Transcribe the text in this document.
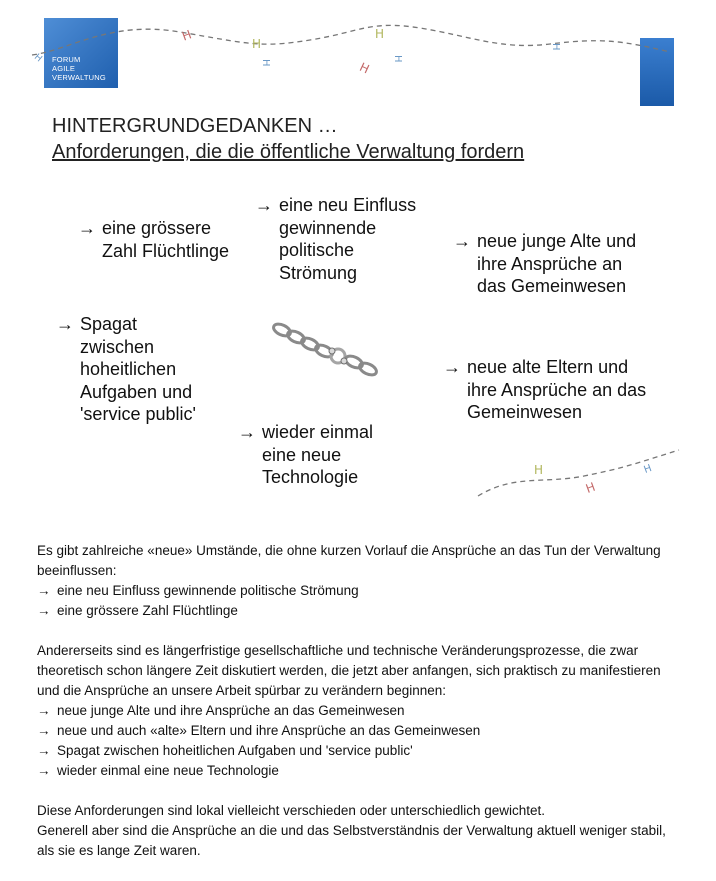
FORUM
AGILE
VERWALTUNG
H
H
H
H
H
H
H
H
HINTERGRUNDGEDANKEN …
Anforderungen, die die öffentliche Verwaltung fordern
→ eine grössere
Zahl Flüchtlinge
→ eine neu Einfluss
gewinnende
politische
Strömung
→ neue junge Alte und
ihre Ansprüche an
das Gemeinwesen
→ Spagat
zwischen
hoheitlichen
Aufgaben und
'service public'
→ neue alte Eltern und
ihre Ansprüche an das
Gemeinwesen
→ wieder einmal
eine neue
Technologie	H
H
H

Es gibt zahlreiche «neue» Umstände, die ohne kurzen Vorlauf die Ansprüche an das Tun der Verwaltung beeinflussen:

→ eine neu Einfluss gewinnende politische Strömung
→ eine grössere Zahl Flüchtlinge

Andererseits sind es längerfristige gesellschaftliche und technische Veränderungsprozesse, die zwar theoretisch schon längere Zeit diskutiert werden, die jetzt aber anfangen, sich praktisch zu manifestieren und die Ansprüche an unsere Arbeit spürbar zu verändern beginnen:

→ neue junge Alte und ihre Ansprüche an das Gemeinwesen
→ neue und auch «alte» Eltern und ihre Ansprüche an das Gemeinwesen
→ Spagat zwischen hoheitlichen Aufgaben und 'service public'
→ wieder einmal eine neue Technologie

Diese Anforderungen sind lokal vielleicht verschieden oder unterschiedlich gewichtet.

Generell aber sind die Ansprüche an die und das Selbstverständnis der Verwaltung aktuell weniger stabil, als sie es lange Zeit waren.
